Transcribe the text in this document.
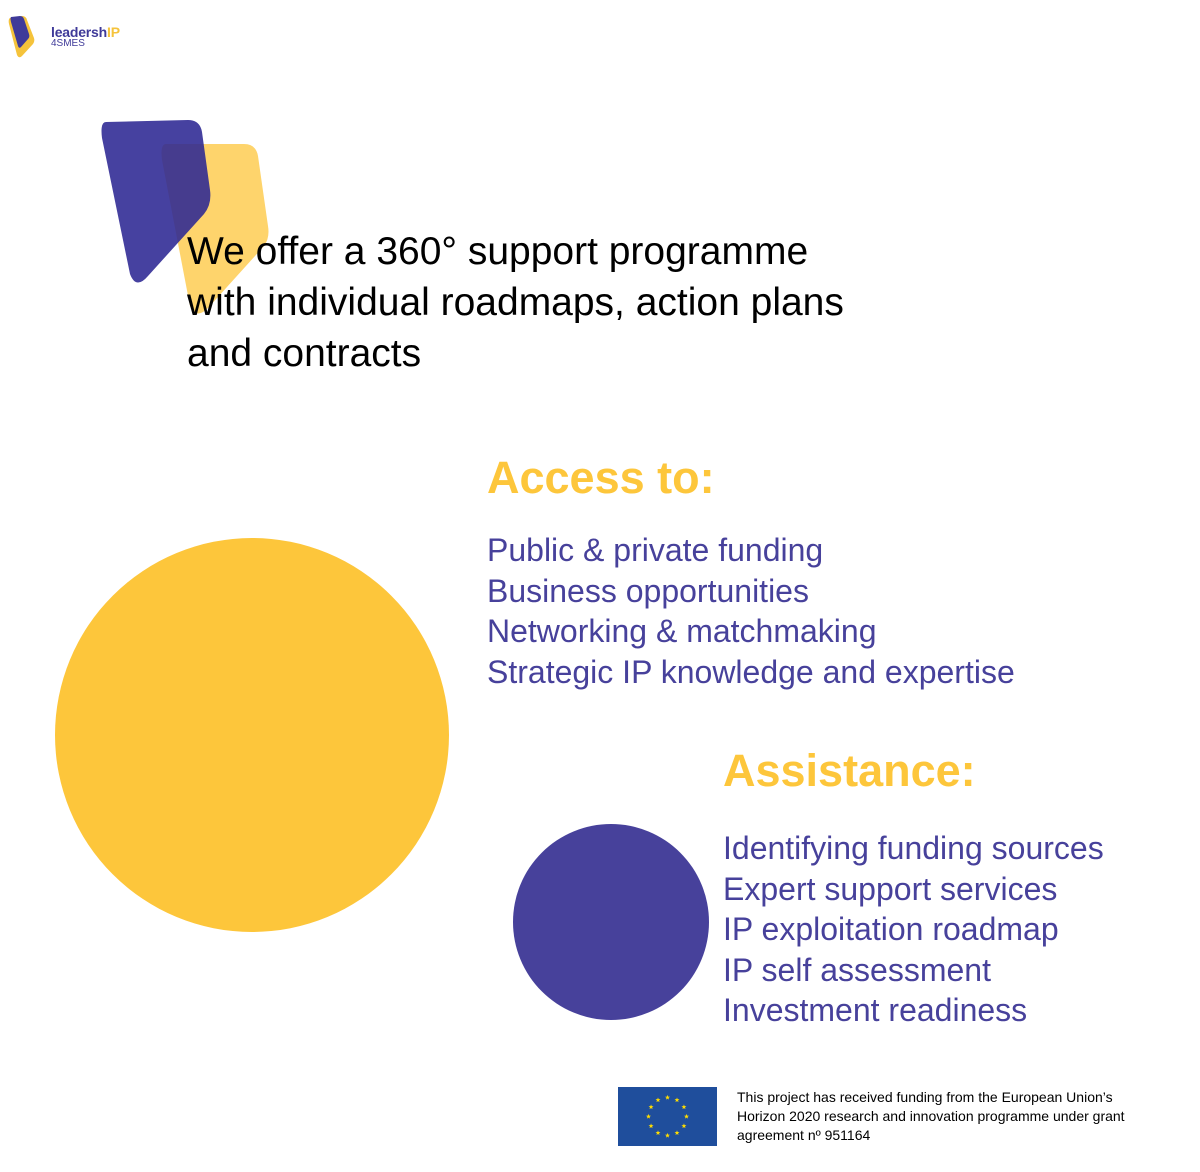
leadershIP
4SMES
We offer a 360° support programme
with individual roadmaps, action plans
and contracts
Access to:
Public & private funding
Business opportunities
Networking & matchmaking
Strategic IP knowledge and expertise
Assistance:
Identifying funding sources
Expert support services
IP exploitation roadmap
IP self assessment
Investment readiness

This project has received funding from the European Union’s
Horizon 2020 research and innovation programme under grant
agreement nº 951164
